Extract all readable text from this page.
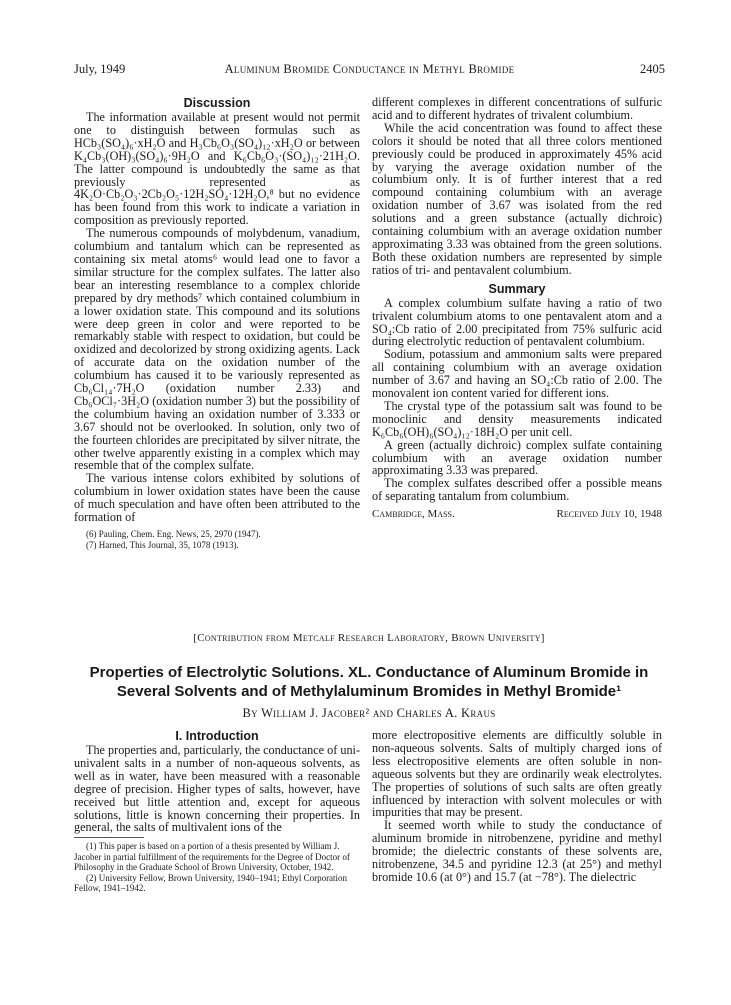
July, 1949	Aluminum Bromide Conductance in Methyl Bromide	2405
Discussion

The information available at present would not permit one to distinguish between formulas such as HCb₃(SO₄)₆·xH₂O and H₃Cb₆O₃(SO₄)₁₂·xH₂O or between K₄Cb₃(OH)₃(SO₄)₆·9H₂O and K₆Cb₆O₃·(SO₄)₁₂·21H₂O. The latter compound is undoubtedly the same as that previously represented as 4K₂O·Cb₂O₃·2Cb₂O₅·12H₂SO₄·12H₂O,⁸ but no evidence has been found from this work to indicate a variation in composition as previously reported.

The numerous compounds of molybdenum, vanadium, columbium and tantalum which can be represented as containing six metal atoms⁶ would lead one to favor a similar structure for the complex sulfates. The latter also bear an interesting resemblance to a complex chloride prepared by dry methods⁷ which contained columbium in a lower oxidation state. This compound and its solutions were deep green in color and were reported to be remarkably stable with respect to oxidation, but could be oxidized and decolorized by strong oxidizing agents. Lack of accurate data on the oxidation number of the columbium has caused it to be variously represented as Cb₆Cl₁₄·7H₂O (oxidation number 2.33) and Cb₆OCl₇·3H₂O (oxidation number 3) but the possibility of the columbium having an oxidation number of 3.333 or 3.67 should not be overlooked. In solution, only two of the fourteen chlorides are precipitated by silver nitrate, the other twelve apparently existing in a complex which may resemble that of the complex sulfate.

The various intense colors exhibited by solutions of columbium in lower oxidation states have been the cause of much speculation and have often been attributed to the formation of

(6) Pauling, Chem. Eng. News, 25, 2970 (1947).

(7) Harned, This Journal, 35, 1078 (1913).

different complexes in different concentrations of sulfuric acid and to different hydrates of trivalent columbium.

While the acid concentration was found to affect these colors it should be noted that all three colors mentioned previously could be produced in approximately 45% acid by varying the average oxidation number of the columbium only. It is of further interest that a red compound containing columbium with an average oxidation number of 3.67 was isolated from the red solutions and a green substance (actually dichroic) containing columbium with an average oxidation number approximating 3.33 was obtained from the green solutions. Both these oxidation numbers are represented by simple ratios of tri- and pentavalent columbium.

Summary

A complex columbium sulfate having a ratio of two trivalent columbium atoms to one pentavalent atom and a SO₄:Cb ratio of 2.00 precipitated from 75% sulfuric acid during electrolytic reduction of pentavalent columbium.

Sodium, potassium and ammonium salts were prepared all containing columbium with an average oxidation number of 3.67 and having an SO₄:Cb ratio of 2.00. The monovalent ion content varied for different ions.

The crystal type of the potassium salt was found to be monoclinic and density measurements indicated K₆Cb₆(OH)₆(SO₄)₁₂·18H₂O per unit cell.

A green (actually dichroic) complex sulfate containing columbium with an average oxidation number approximating 3.33 was prepared.

The complex sulfates described offer a possible means of separating tantalum from columbium.

Cambridge, Mass.	Received July 10, 1948
[Contribution from Metcalf Research Laboratory, Brown University]
Properties of Electrolytic Solutions. XL. Conductance of Aluminum Bromide in
Several Solvents and of Methylaluminum Bromides in Methyl Bromide¹
By William J. Jacober² and Charles A. Kraus
I. Introduction

The properties and, particularly, the conductance of uni-univalent salts in a number of non-aqueous solvents, as well as in water, have been measured with a reasonable degree of precision. Higher types of salts, however, have received but little attention and, except for aqueous solutions, little is known concerning their properties. In general, the salts of multivalent ions of the

(1) This paper is based on a portion of a thesis presented by William J. Jacober in partial fulfillment of the requirements for the Degree of Doctor of Philosophy in the Graduate School of Brown University, October, 1942.

(2) University Fellow, Brown University, 1940–1941; Ethyl Corporation Fellow, 1941–1942.

more electropositive elements are difficultly soluble in non-aqueous solvents. Salts of multiply charged ions of less electropositive elements are often soluble in non-aqueous solvents but they are ordinarily weak electrolytes. The properties of solutions of such salts are often greatly influenced by interaction with solvent molecules or with impurities that may be present.

It seemed worth while to study the conductance of aluminum bromide in nitrobenzene, pyridine and methyl bromide; the dielectric constants of these solvents are, nitrobenzene, 34.5 and pyridine 12.3 (at 25°) and methyl bromide 10.6 (at 0°) and 15.7 (at −78°). The dielectric
